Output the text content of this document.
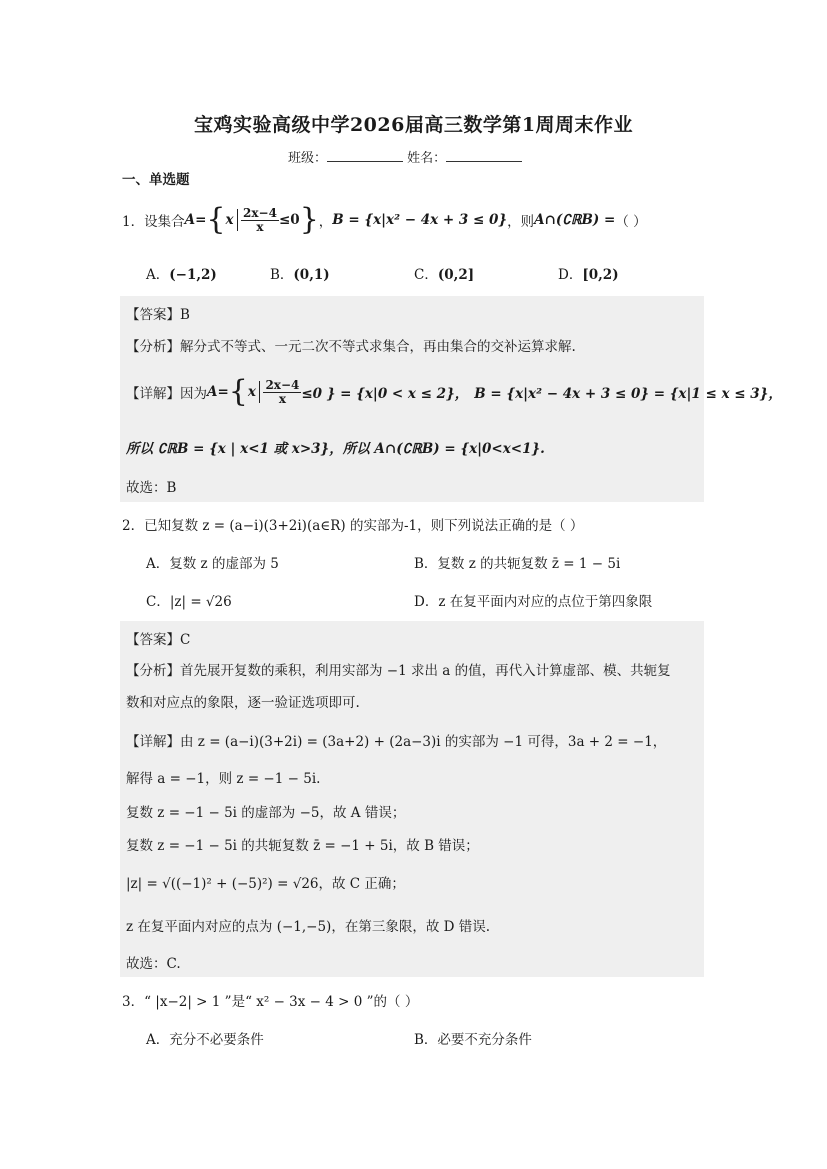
宝鸡实验高级中学2026届高三数学第1周周末作业
班级：	姓名：
一、单选题
1．设集合 A = { x $\frac{2x-4}{x} \le 0$ } ， B = {x|x² − 4x + 3 ≤ 0} ，则 A∩(∁ℝB) = （ ）
A．(−1,2)	B．(0,1)	C．(0,2]	D．[0,2)
【答案】B
【分析】解分式不等式、一元二次不等式求集合，再由集合的交补运算求解.
【详解】 因为 A = { x $\frac{2x-4}{x} \le 0$ } = {x|0 < x ≤ 2}， B = {x|x² − 4x + 3 ≤ 0} = {x|1 ≤ x ≤ 3}，
所以 ∁ℝB = {x | x<1 或 x>3}，所以 A∩(∁ℝB) = {x|0<x<1}.
故选：B
2．已知复数 z = (a−i)(3+2i)(a∈R) 的实部为-1，则下列说法正确的是（ ）
A．复数 z 的虚部为 5	B．复数 z 的共轭复数 z̄ = 1 − 5i
C．|z| = √26	D．z 在复平面内对应的点位于第四象限
【答案】C
【分析】首先展开复数的乘积，利用实部为 −1 求出 a 的值，再代入计算虚部、模、共轭复
数和对应点的象限，逐一验证选项即可.
【详解】由 z = (a−i)(3+2i) = (3a+2) + (2a−3)i 的实部为 −1 可得，3a + 2 = −1，
解得 a = −1，则 z = −1 − 5i.
复数 z = −1 − 5i 的虚部为 −5，故 A 错误；
复数 z = −1 − 5i 的共轭复数 z̄ = −1 + 5i，故 B 错误；
|z| = √((−1)² + (−5)²) = √26，故 C 正确；
z 在复平面内对应的点为 (−1,−5)，在第三象限，故 D 错误.
故选：C.
3．“ |x−2| > 1 ”是“ x² − 3x − 4 > 0 ”的（ ）
A．充分不必要条件	B．必要不充分条件
